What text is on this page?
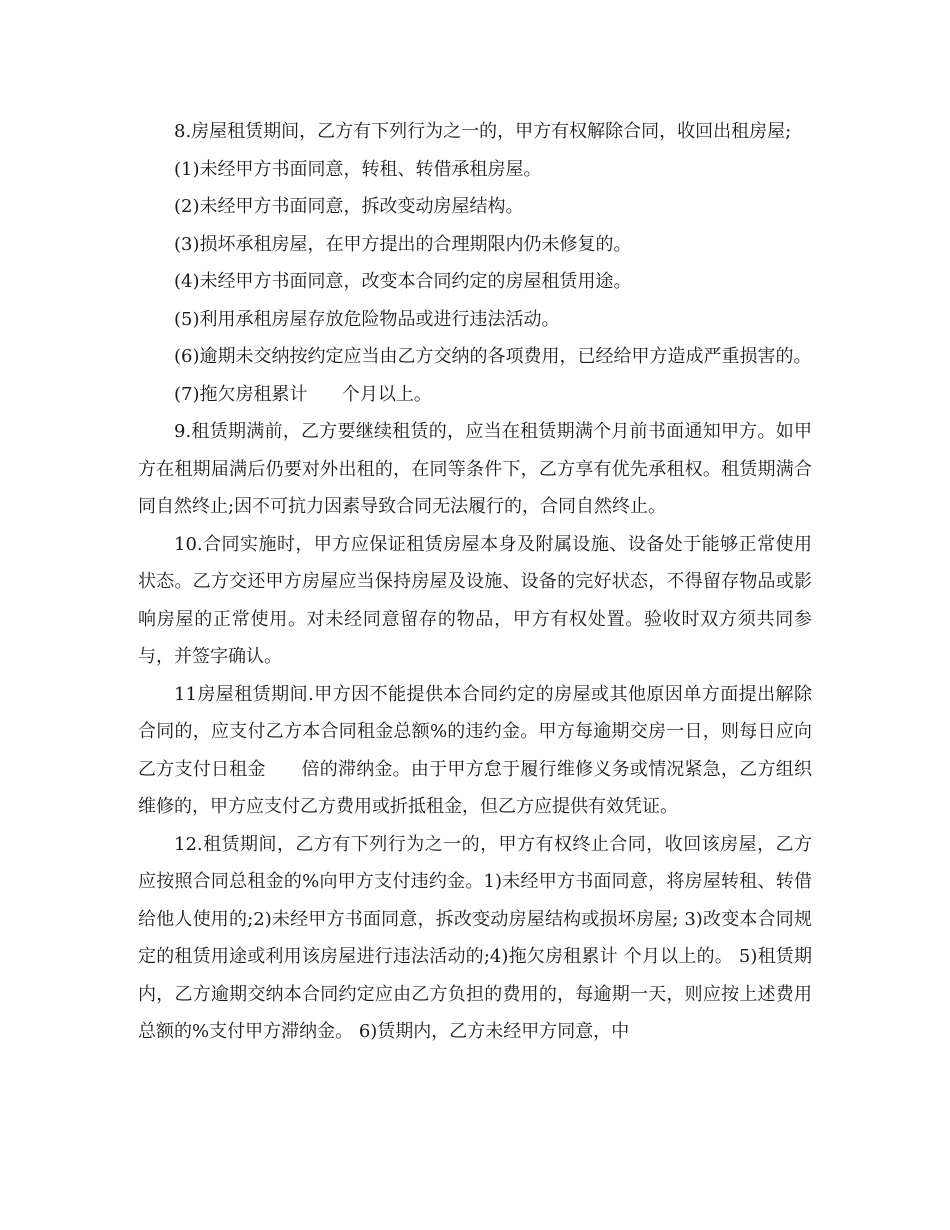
8.房屋租赁期间，乙方有下列行为之一的，甲方有权解除合同，收回出租房屋;

(1)未经甲方书面同意，转租、转借承租房屋。

(2)未经甲方书面同意，拆改变动房屋结构。

(3)损坏承租房屋，在甲方提出的合理期限内仍未修复的。

(4)未经甲方书面同意，改变本合同约定的房屋租赁用途。

(5)利用承租房屋存放危险物品或进行违法活动。

(6)逾期未交纳按约定应当由乙方交纳的各项费用，已经给甲方造成严重损害的。

(7)拖欠房租累计      个月以上。

9.租赁期满前，乙方要继续租赁的，应当在租赁期满个月前书面通知甲方。如甲方在租期届满后仍要对外出租的，在同等条件下，乙方享有优先承租权。租赁期满合同自然终止;因不可抗力因素导致合同无法履行的，合同自然终止。

10.合同实施时，甲方应保证租赁房屋本身及附属设施、设备处于能够正常使用状态。乙方交还甲方房屋应当保持房屋及设施、设备的完好状态，不得留存物品或影响房屋的正常使用。对未经同意留存的物品，甲方有权处置。验收时双方须共同参与，并签字确认。

11房屋租赁期间.甲方因不能提供本合同约定的房屋或其他原因单方面提出解除合同的，应支付乙方本合同租金总额%的违约金。甲方每逾期交房一日，则每日应向乙方支付日租金      倍的滞纳金。由于甲方怠于履行维修义务或情况紧急，乙方组织维修的，甲方应支付乙方费用或折抵租金，但乙方应提供有效凭证。

12.租赁期间，乙方有下列行为之一的，甲方有权终止合同，收回该房屋，乙方应按照合同总租金的%向甲方支付违约金。1)未经甲方书面同意，将房屋转租、转借给他人使用的;2)未经甲方书面同意，拆改变动房屋结构或损坏房屋; 3)改变本合同规定的租赁用途或利用该房屋进行违法活动的;4)拖欠房租累计 个月以上的。 5)租赁期内，乙方逾期交纳本合同约定应由乙方负担的费用的，每逾期一天，则应按上述费用总额的%支付甲方滞纳金。 6)赁期内，乙方未经甲方同意，中
